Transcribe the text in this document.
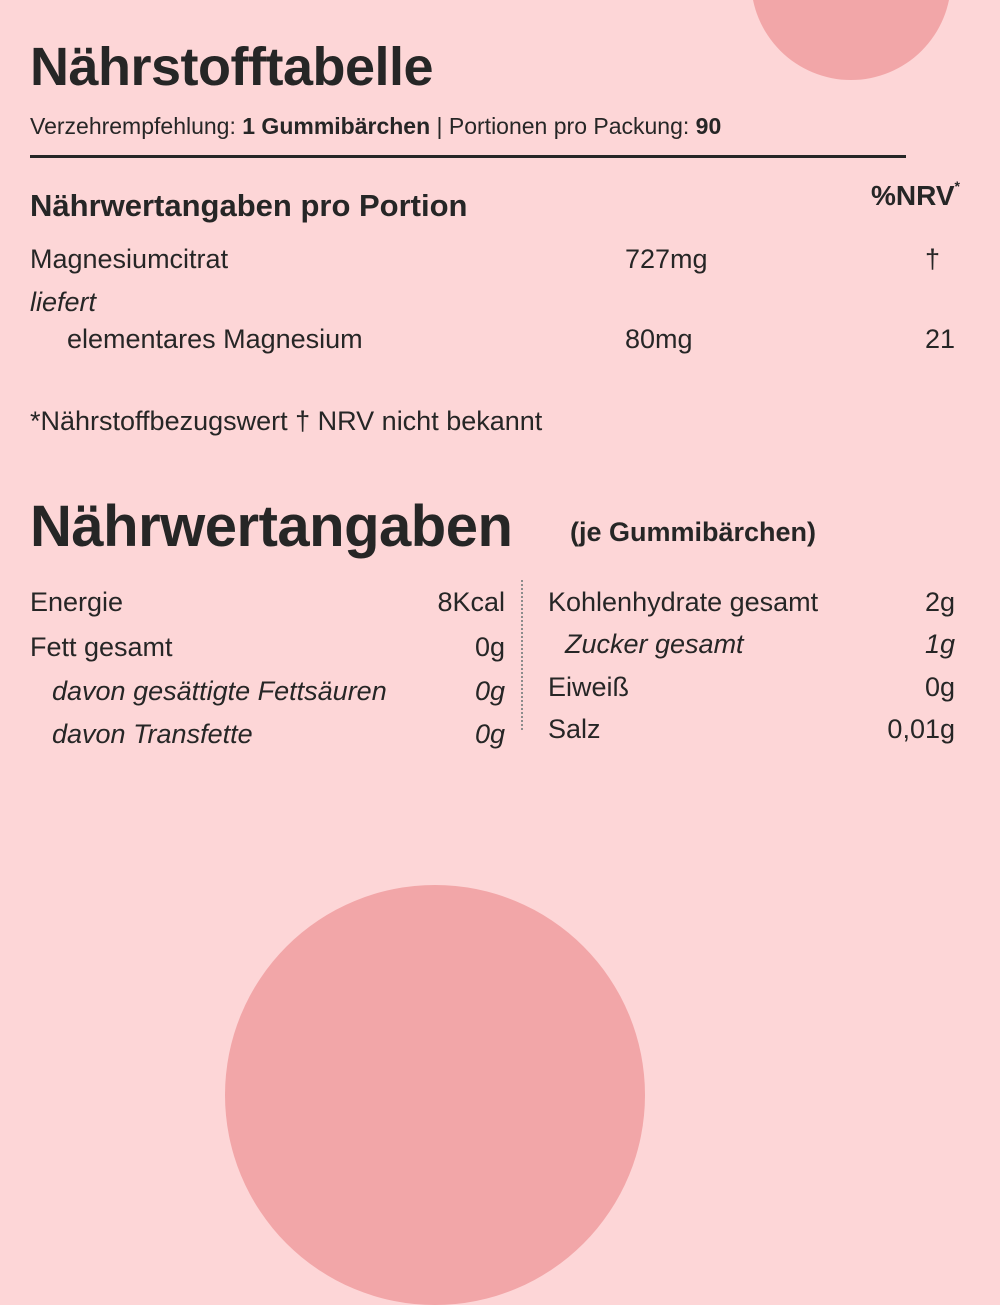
Nährstofftabelle
Verzehrempfehlung: 1 Gummibärchen | Portionen pro Packung: 90
Nährwertangaben pro Portion	%NRV*
Magnesiumcitrat	727mg	†
liefert
elementares Magnesium	80mg	21
*Nährstoffbezugswert † NRV nicht bekannt
Nährwertangaben (je Gummibärchen)
Energie	8Kcal
Fett gesamt	0g
davon gesättigte Fettsäuren	0g
davon Transfette	0g
Kohlenhydrate gesamt	2g
Zucker gesamt	1g
Eiweiß	0g
Salz	0,01g
